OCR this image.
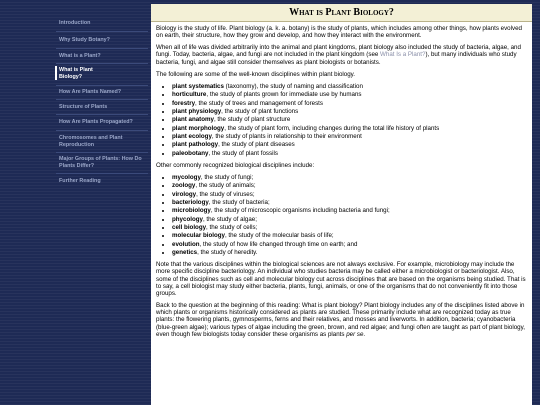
Introduction
Why Study Botany?
What is a Plant?
What is Plant Biology?
How Are Plants Named?
Structure of Plants
How Are Plants Propagated?
Chromosomes and Plant Reproduction
Major Groups of Plants: How Do Plants Differ?
Further Reading
What is Plant Biology?

Biology is the study of life. Plant biology (a. k. a. botany) is the study of plants, which includes among other things, how plants evolved on earth, their structure, how they grow and develop, and how they interact with the environment.

When all of life was divided arbitrarily into the animal and plant kingdoms, plant biology also included the study of bacteria, algae, and fungi. Today, bacteria, algae, and fungi are not included in the plant kingdom (see What Is a Plant?), but many individuals who study bacteria, fungi, and algae still consider themselves as plant biologists or botanists.

The following are some of the well-known disciplines within plant biology.

• plant systematics (taxonomy), the study of naming and classification
• horticulture, the study of plants grown for immediate use by humans
• forestry, the study of trees and management of forests
• plant physiology, the study of plant functions
• plant anatomy, the study of plant structure
• plant morphology, the study of plant form, including changes during the total life history of plants
• plant ecology, the study of plants in relationship to their environment
• plant pathology, the study of plant diseases
• paleobotany, the study of plant fossils

Other commonly recognized biological disciplines include:

• mycology, the study of fungi;
• zoology, the study of animals;
• virology, the study of viruses;
• bacteriology, the study of bacteria;
• microbiology, the study of microscopic organisms including bacteria and fungi;
• phycology, the study of algae;
• cell biology, the study of cells;
• molecular biology, the study of the molecular basis of life;
• evolution, the study of how life changed through time on earth; and
• genetics, the study of heredity.

Note that the various disciplines within the biological sciences are not always exclusive. For example, microbiology may include the more specific discipline bacteriology. An individual who studies bacteria may be called either a microbiologist or bacteriologist. Also, some of the disciplines such as cell and molecular biology cut across disciplines that are based on the organisms being studied. That is to say, a cell biologist may study either bacteria, plants, fungi, animals, or one of the organisms that do not conveniently fit into those groups.

Back to the question at the beginning of this reading: What is plant biology? Plant biology includes any of the disciplines listed above in which plants or organisms historically considered as plants are studied. These primarily include what are recognized today as true plants: the flowering plants, gymnosperms, ferns and their relatives, and mosses and liverworts. In addition, bacteria; cyanobacteria (blue-green algae); various types of algae including the green, brown, and red algae; and fungi often are taught as part of plant biology, even though few biologists today consider these organisms as plants per se.
